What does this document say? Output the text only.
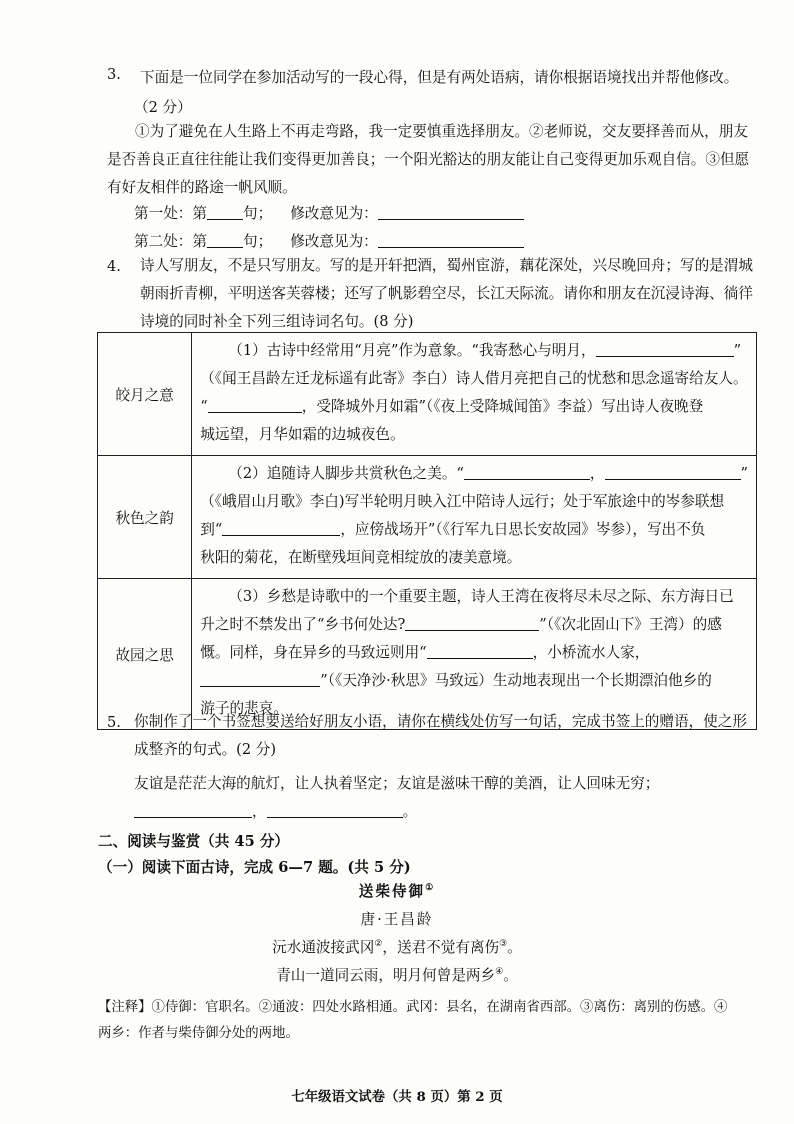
3. 下面是一位同学在参加活动写的一段心得，但是有两处语病，请你根据语境找出并帮他修改。
（2 分）
①为了避免在人生路上不再走弯路，我一定要慎重选择朋友。②老师说，交友要择善而从，朋友是否善良正直往往能让我们变得更加善良；一个阳光豁达的朋友能让自己变得更加乐观自信。③但愿有好友相伴的路途一帆风顺。
第一处：第 句； 修改意见为：
第二处：第 句； 修改意见为：
4.	诗人写朋友，不是只写朋友。写的是开轩把酒，蜀州宦游，藕花深处，兴尽晚回舟；写的是渭城朝雨折青柳，平明送客芙蓉楼；还写了帆影碧空尽，长江天际流。请你和朋友在沉浸诗海、徜徉诗境的同时补全下列三组诗词名句。(8 分)
皎月之意	（1）古诗中经常用“月亮”作为意象。“我寄愁心与明月， ”
（《闻王昌龄左迁龙标遥有此寄》李白）诗人借月亮把自己的忧愁和思念遥寄给友人。
“ ，受降城外月如霜”（《夜上受降城闻笛》李益）写出诗人夜晚登
城远望，月华如霜的边城夜色。

秋色之韵	（2）追随诗人脚步共赏秋色之美。“ ， ”
（《峨眉山月歌》李白)写半轮明月映入江中陪诗人远行；处于军旅途中的岑参联想
到“ ，应傍战场开”（《行军九日思长安故园》岑参），写出不负
秋阳的菊花，在断壁残垣间竞相绽放的凄美意境。

故园之思	（3）乡愁是诗歌中的一个重要主题，诗人王湾在夜将尽未尽之际、东方海日已
升之时不禁发出了“乡书何处达? ”（《次北固山下》王湾）的感
慨。同样，身在异乡的马致远则用“ ，小桥流水人家，
”（《天净沙·秋思》马致远）生动地表现出一个长期漂泊他乡的
游子的悲哀。
5. 你制作了一个书签想要送给好朋友小语，请你在横线处仿写一句话，完成书签上的赠语，使之形成整齐的句式。(2 分)
友谊是茫茫大海的航灯，让人执着坚定；友谊是滋味干醇的美酒，让人回味无穷；
，	。
二、阅读与鉴赏（共 45 分）
（一）阅读下面古诗，完成 6—7 题。(共 5 分)
送柴侍御①
唐·王昌龄
沅水通波接武冈②，送君不觉有离伤③。
青山一道同云雨，明月何曾是两乡④。
【注释】①侍御：官职名。②通波：四处水路相通。武冈：县名，在湖南省西部。③离伤：离别的伤感。④
两乡：作者与柴侍御分处的两地。
七年级语文试卷（共 8 页）第 2 页
